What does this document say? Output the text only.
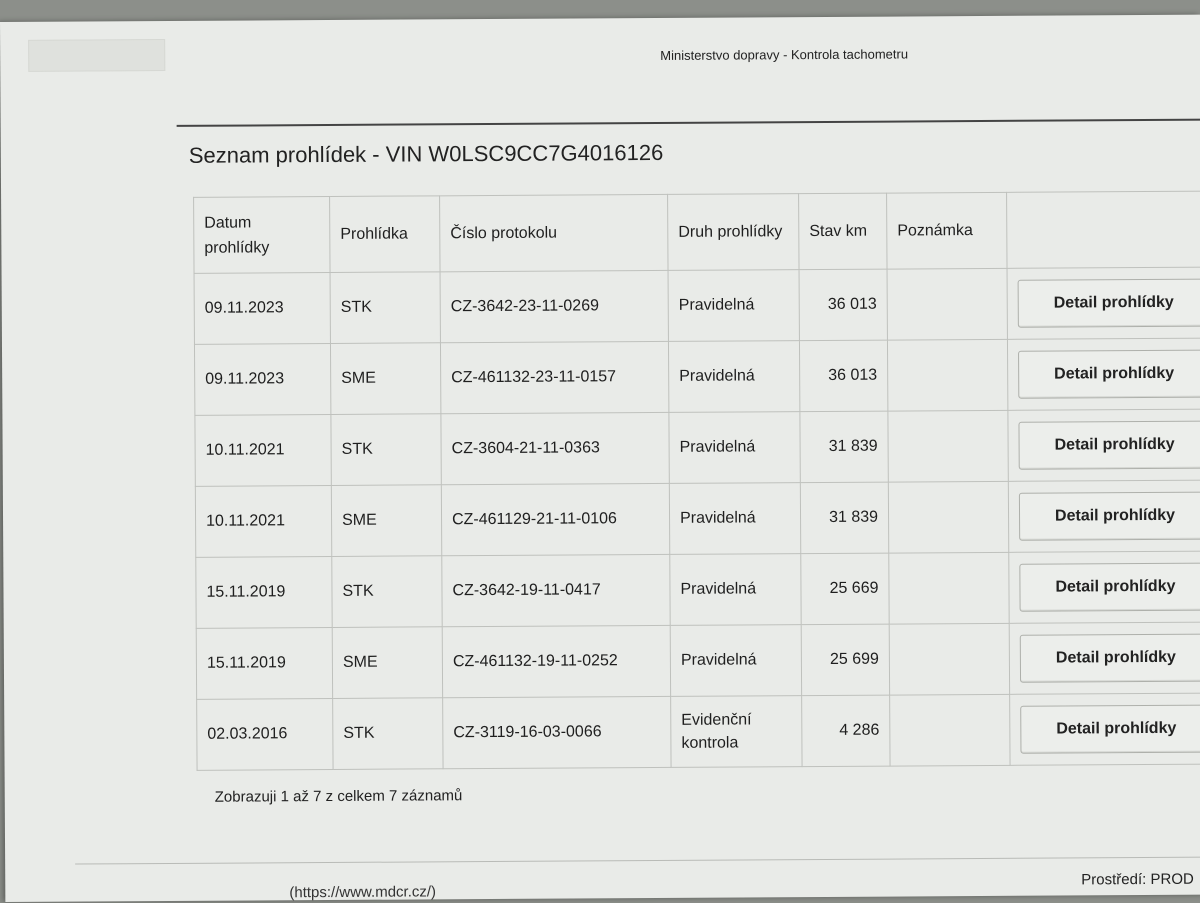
Ministerstvo dopravy - Kontrola tachometru
Seznam prohlídek - VIN W0LSC9CC7G4016126
Datum prohlídky	Prohlídka	Číslo protokolu	Druh prohlídky	Stav km	Poznámka	
09.11.2023	STK	CZ-3642-23-11-0269	Pravidelná	36 013		Detail prohlídky
09.11.2023	SME	CZ-461132-23-11-0157	Pravidelná	36 013		Detail prohlídky
10.11.2021	STK	CZ-3604-21-11-0363	Pravidelná	31 839		Detail prohlídky
10.11.2021	SME	CZ-461129-21-11-0106	Pravidelná	31 839		Detail prohlídky
15.11.2019	STK	CZ-3642-19-11-0417	Pravidelná	25 669		Detail prohlídky
15.11.2019	SME	CZ-461132-19-11-0252	Pravidelná	25 699		Detail prohlídky
02.03.2016	STK	CZ-3119-16-03-0066	Evidenční kontrola	4 286		Detail prohlídky
Zobrazuji 1 až 7 z celkem 7 záznamů
(https://www.mdcr.cz/)
Prostředí: PROD
